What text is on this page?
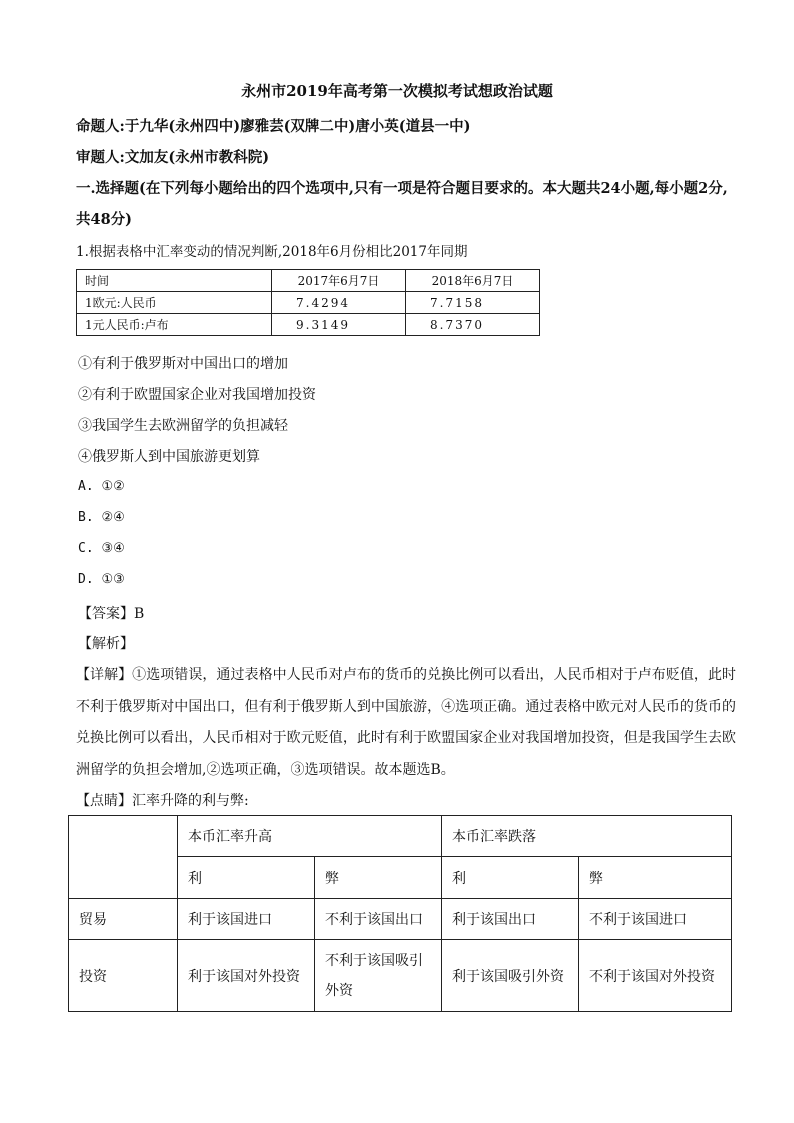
永州市2019年高考第一次模拟考试想政治试题
命题人:于九华(永州四中)廖雅芸(双牌二中)唐小英(道县一中)
审题人:文加友(永州市教科院)
一.选择题(在下列每小题给出的四个选项中,只有一项是符合题目要求的。本大题共24小题,每小题2分,
共48分)
1.根据表格中汇率变动的情况判断,2018年6月份相比2017年同期
时间	2017年6月7日	2018年6月7日
1欧元:人民币	7.4294	7.7158
1元人民币:卢布	9.3149	8.7370
①有利于俄罗斯对中国出口的增加
②有利于欧盟国家企业对我国增加投资
③我国学生去欧洲留学的负担减轻
④俄罗斯人到中国旅游更划算
A. ①②
B. ②④
C. ③④
D. ①③
【答案】B
【解析】
【详解】①选项错误，通过表格中人民币对卢布的货币的兑换比例可以看出，人民币相对于卢布贬值，此时不利于俄罗斯对中国出口，但有利于俄罗斯人到中国旅游，④选项正确。通过表格中欧元对人民币的货币的兑换比例可以看出，人民币相对于欧元贬值，此时有利于欧盟国家企业对我国增加投资，但是我国学生去欧洲留学的负担会增加,②选项正确，③选项错误。故本题选B。
【点睛】汇率升降的利与弊:
	本币汇率升高		本币汇率跌落	
	利	弊	利	弊
贸易	利于该国进口	不利于该国出口	利于该国出口	不利于该国进口
投资	利于该国对外投资	不利于该国吸引外资	利于该国吸引外资	不利于该国对外投资
